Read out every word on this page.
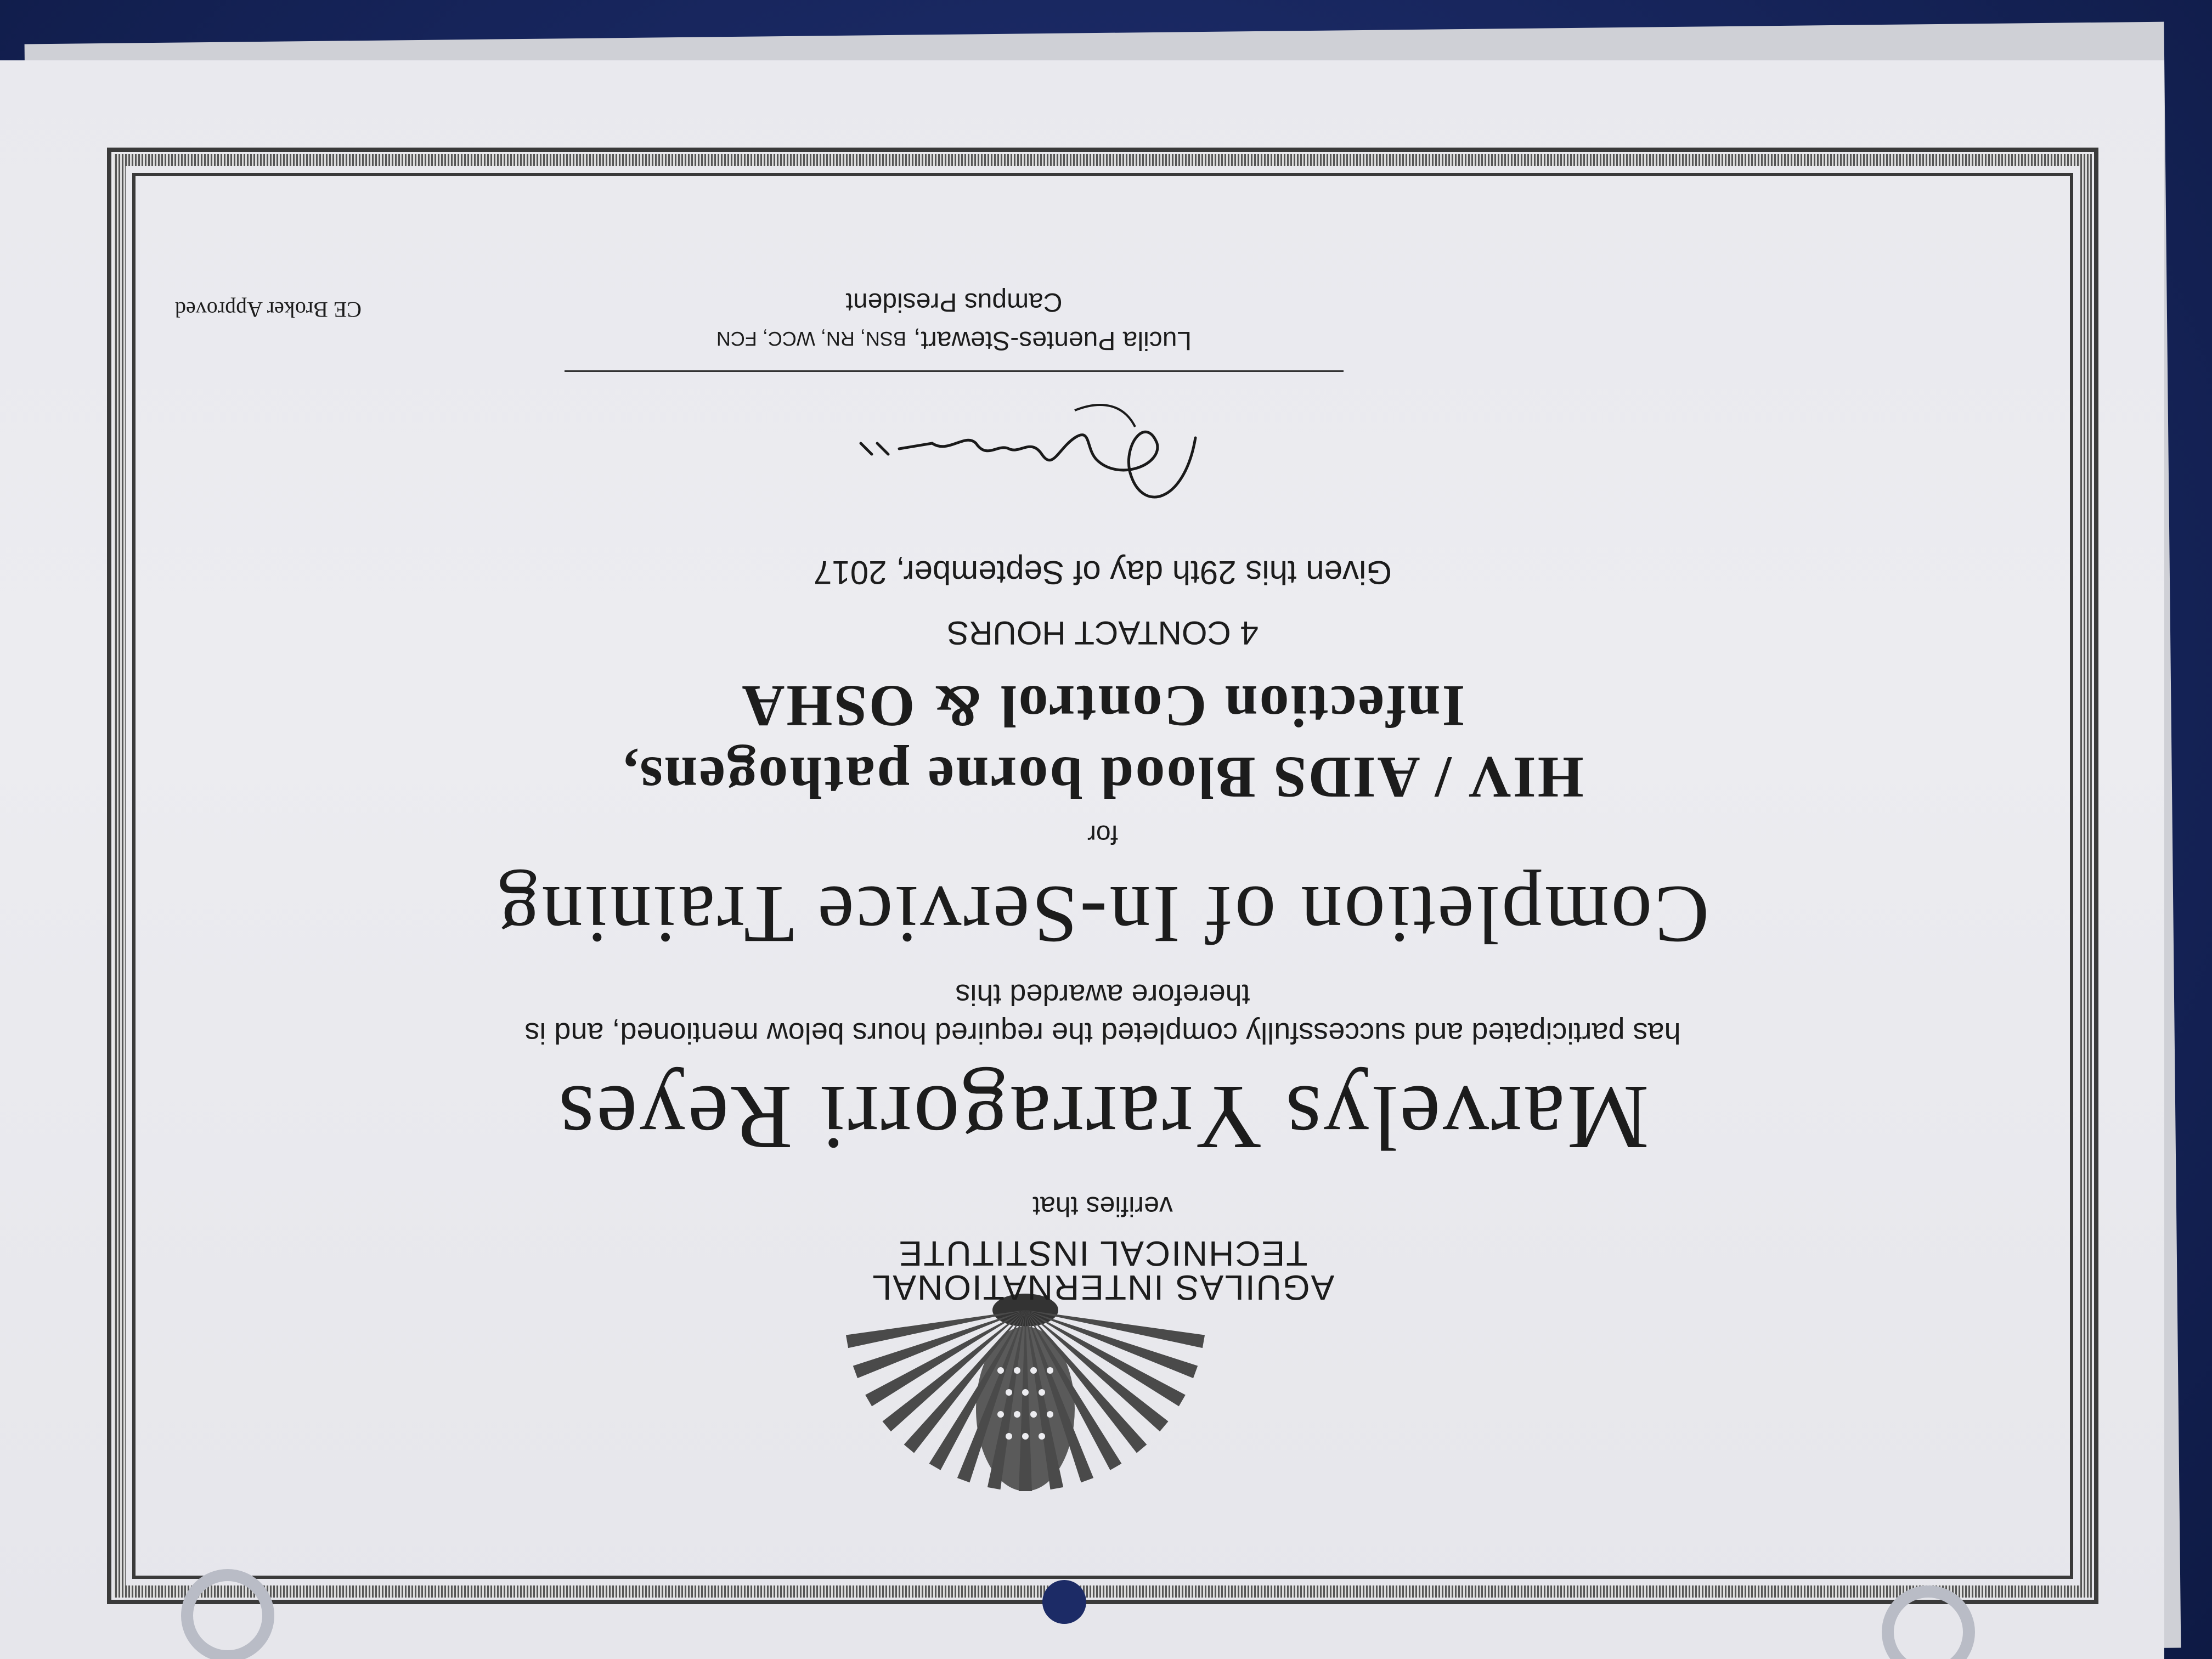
AGUILAS INTERNATIONAL
TECHNICAL INSTITUTE
verifies that
Marvelys Yrarragorri Reyes
has participated and successfully completed the required hours below mentioned, and is
therefore awarded this
Completion of In-Service Training
for
HIV / AIDS Blood borne pathogens,
Infection Control & OSHA
4 CONTACT HOURS
Given this 29th day of September, 2017
Lucila Puentes-Stewart, BSN, RN, WCC, FCN
Campus President
CE Broker Approved
